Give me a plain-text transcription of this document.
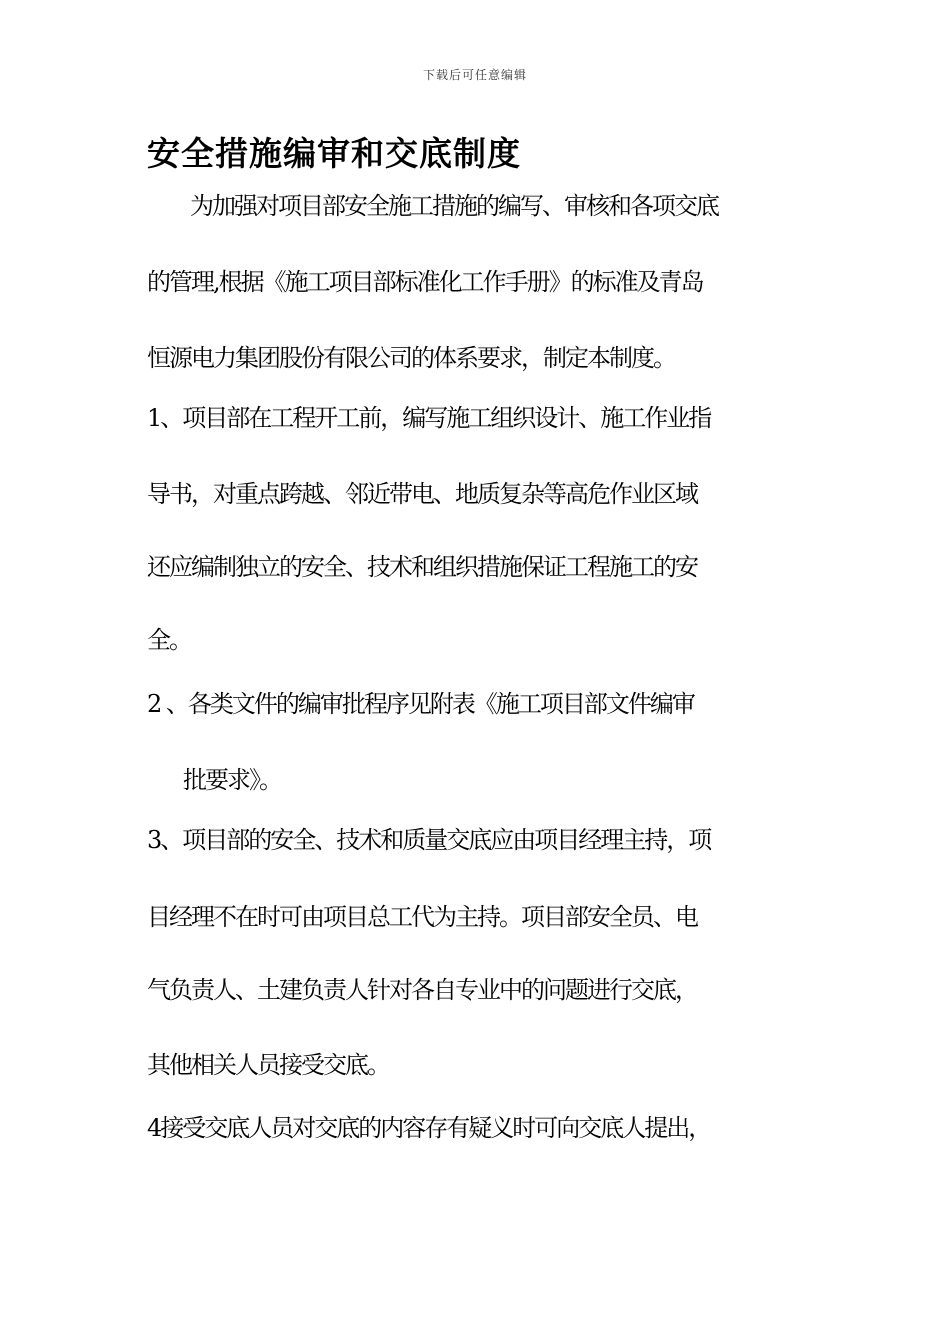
下载后可任意编辑
安全措施编审和交底制度
为加强对项目部安全施工措施的编写、审核和各项交底
的管理,根据《施工项目部标准化工作手册》的标准及青岛
恒源电力集团股份有限公司的体系要求，制定本制度。
1、项目部在工程开工前，编写施工组织设计、施工作业指
导书，对重点跨越、邻近带电、地质复杂等高危作业区域
还应编制独立的安全、技术和组织措施保证工程施工的安
全。
2 、各类文件的编审批程序见附表《施工项目部文件编审
批要求》。
3、项目部的安全、技术和质量交底应由项目经理主持，项
目经理不在时可由项目总工代为主持。项目部安全员、电
气负责人、土建负责人针对各自专业中的问题进行交底，
其他相关人员接受交底。
4接受交底人员对交底的内容存有疑义时可向交底人提出，
